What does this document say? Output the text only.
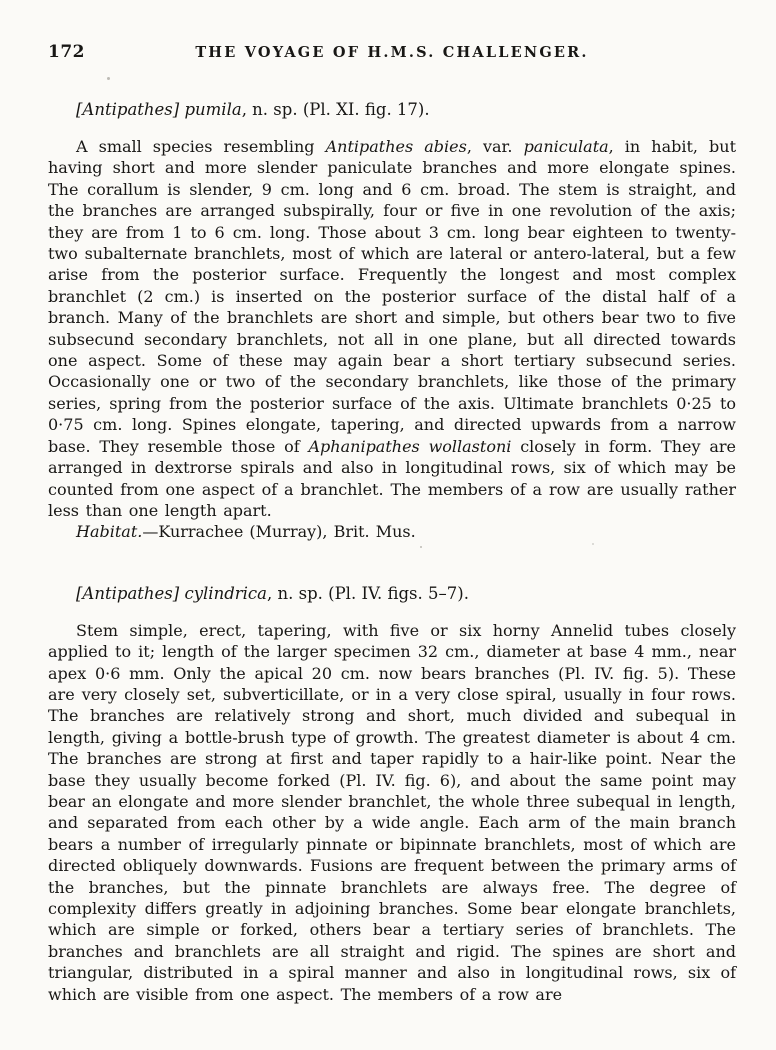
172	THE VOYAGE OF H.M.S. CHALLENGER.
[Antipathes] pumila, n. sp. (Pl. XI. fig. 17).

A small species resembling Antipathes abies, var. paniculata, in habit, but having short and more slender paniculate branches and more elongate spines. The corallum is slender, 9 cm. long and 6 cm. broad. The stem is straight, and the branches are arranged subspirally, four or five in one revolution of the axis; they are from 1 to 6 cm. long. Those about 3 cm. long bear eighteen to twenty-two subalternate branchlets, most of which are lateral or antero-lateral, but a few arise from the posterior surface. Frequently the longest and most complex branchlet (2 cm.) is inserted on the posterior surface of the distal half of a branch. Many of the branchlets are short and simple, but others bear two to five subsecund secondary branchlets, not all in one plane, but all directed towards one aspect. Some of these may again bear a short tertiary subsecund series. Occasionally one or two of the secondary branchlets, like those of the primary series, spring from the posterior surface of the axis. Ultimate branchlets 0·25 to 0·75 cm. long. Spines elongate, tapering, and directed upwards from a narrow base. They resemble those of Aphanipathes wollastoni closely in form. They are arranged in dextrorse spirals and also in longitudinal rows, six of which may be counted from one aspect of a branchlet. The members of a row are usually rather less than one length apart.

Habitat.—Kurrachee (Murray), Brit. Mus.

[Antipathes] cylindrica, n. sp. (Pl. IV. figs. 5–7).

Stem simple, erect, tapering, with five or six horny Annelid tubes closely applied to it; length of the larger specimen 32 cm., diameter at base 4 mm., near apex 0·6 mm. Only the apical 20 cm. now bears branches (Pl. IV. fig. 5). These are very closely set, subverticillate, or in a very close spiral, usually in four rows. The branches are relatively strong and short, much divided and subequal in length, giving a bottle-brush type of growth. The greatest diameter is about 4 cm. The branches are strong at first and taper rapidly to a hair-like point. Near the base they usually become forked (Pl. IV. fig. 6), and about the same point may bear an elongate and more slender branchlet, the whole three subequal in length, and separated from each other by a wide angle. Each arm of the main branch bears a number of irregularly pinnate or bipinnate branchlets, most of which are directed obliquely downwards. Fusions are frequent between the primary arms of the branches, but the pinnate branchlets are always free. The degree of complexity differs greatly in adjoining branches. Some bear elongate branchlets, which are simple or forked, others bear a tertiary series of branchlets. The branches and branchlets are all straight and rigid. The spines are short and triangular, distributed in a spiral manner and also in longitudinal rows, six of which are visible from one aspect. The members of a row are
